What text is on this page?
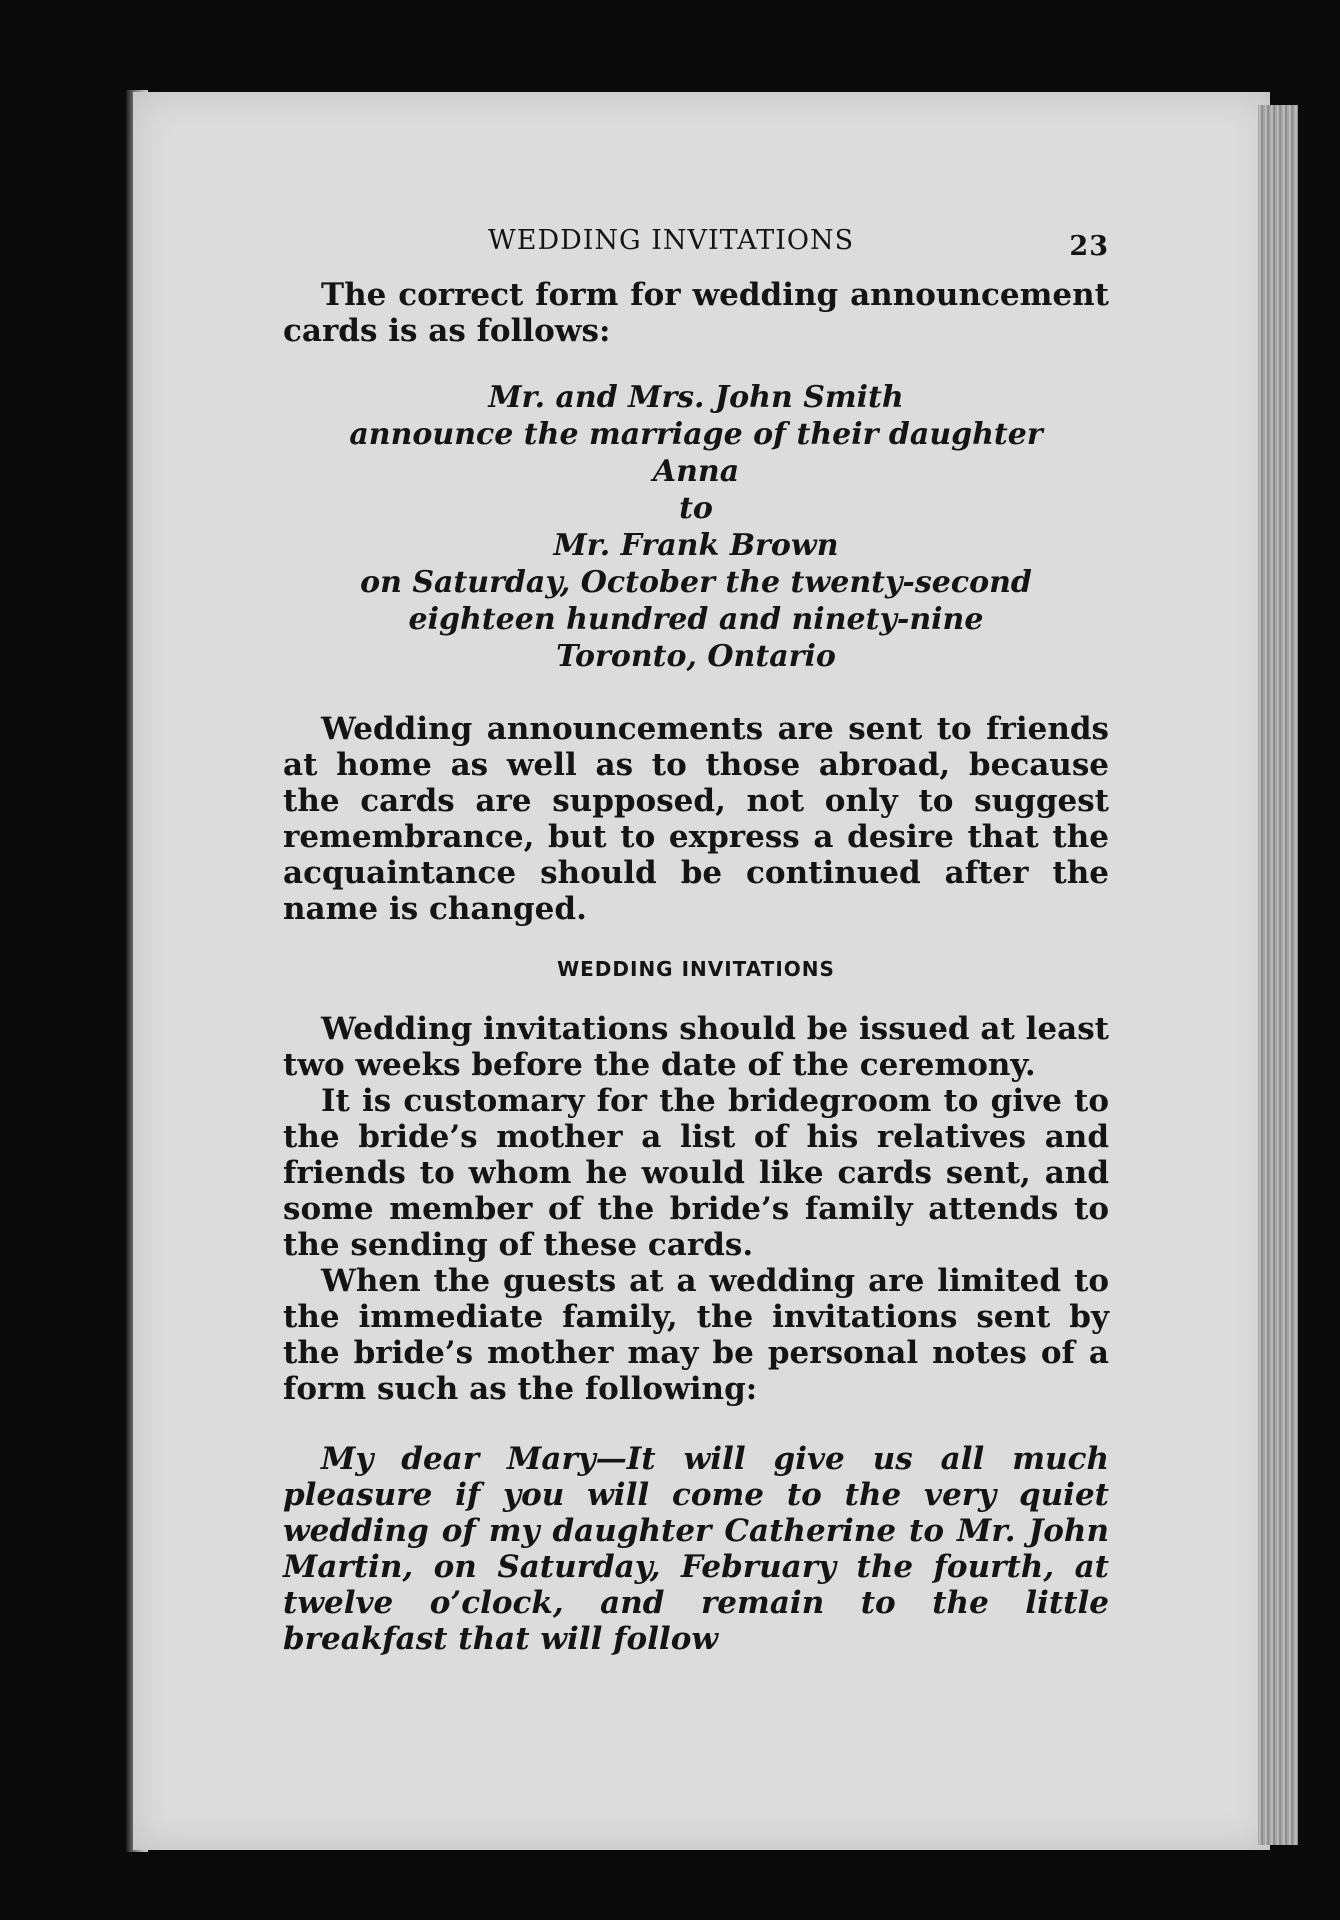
WEDDING INVITATIONS	23

The correct form for wedding announcement cards is as follows:

Mr. and Mrs. John Smith
announce the marriage of their daughter
Anna
to
Mr. Frank Brown
on Saturday, October the twenty-second
eighteen hundred and ninety-nine
Toronto, Ontario

Wedding announcements are sent to friends at home as well as to those abroad, because the cards are supposed, not only to suggest remembrance, but to express a desire that the acquaintance should be continued after the name is changed.

WEDDING INVITATIONS

Wedding invitations should be issued at least two weeks before the date of the ceremony.

It is customary for the bridegroom to give to the bride’s mother a list of his relatives and friends to whom he would like cards sent, and some member of the bride’s family attends to the sending of these cards.

When the guests at a wedding are limited to the immediate family, the invitations sent by the bride’s mother may be personal notes of a form such as the following:

My dear Mary—It will give us all much pleasure if you will come to the very quiet wedding of my daughter Catherine to Mr. John Martin, on Saturday, February the fourth, at twelve o’clock, and remain to the little breakfast that will follow
